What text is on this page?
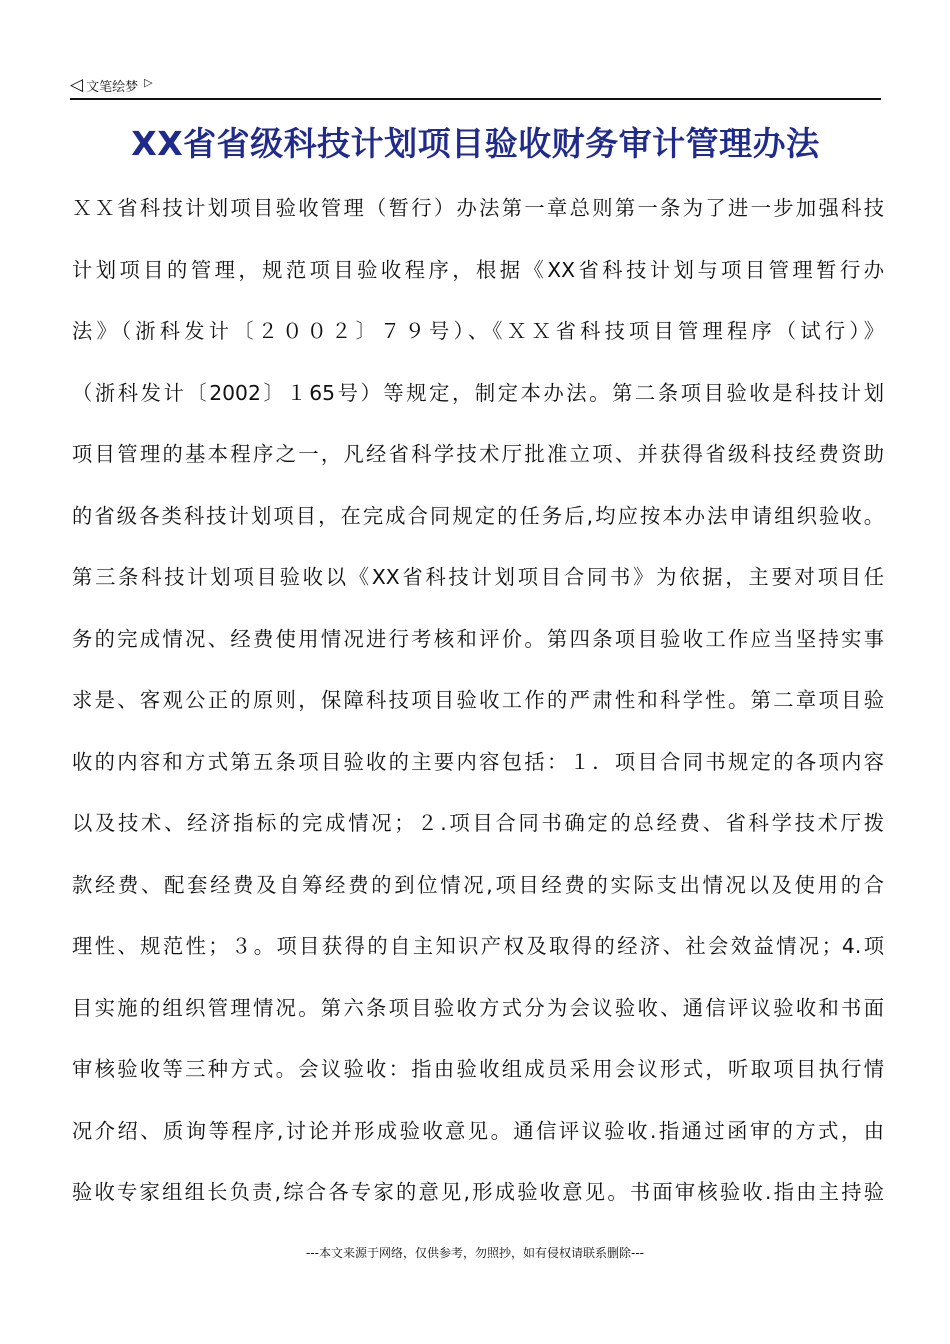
◁ 文笔绘梦 ▷
XX省省级科技计划项目验收财务审计管理办法
ＸＸ省科技计划项目验收管理（暂行）办法第一章总则第一条为了进一步加强科技
计划项目的管理，规范项目验收程序，根据《XX省科技计划与项目管理暂行办
法》（浙科发计〔２００２〕７９号）、《ＸＸ省科技项目管理程序（试行）》
（浙科发计〔2002〕１65号）等规定，制定本办法。第二条项目验收是科技计划
项目管理的基本程序之一，凡经省科学技术厅批准立项、并获得省级科技经费资助
的省级各类科技计划项目，在完成合同规定的任务后,均应按本办法申请组织验收。
第三条科技计划项目验收以《XX省科技计划项目合同书》为依据，主要对项目任
务的完成情况、经费使用情况进行考核和评价。第四条项目验收工作应当坚持实事
求是、客观公正的原则，保障科技项目验收工作的严肃性和科学性。第二章项目验
收的内容和方式第五条项目验收的主要内容包括：１．项目合同书规定的各项内容
以及技术、经济指标的完成情况；２.项目合同书确定的总经费、省科学技术厅拨
款经费、配套经费及自筹经费的到位情况,项目经费的实际支出情况以及使用的合
理性、规范性；３。项目获得的自主知识产权及取得的经济、社会效益情况；4.项
目实施的组织管理情况。第六条项目验收方式分为会议验收、通信评议验收和书面
审核验收等三种方式。会议验收：指由验收组成员采用会议形式，听取项目执行情
况介绍、质询等程序,讨论并形成验收意见。通信评议验收.指通过函审的方式，由
验收专家组组长负责,综合各专家的意见,形成验收意见。书面审核验收.指由主持验
---本文来源于网络，仅供参考，勿照抄，如有侵权请联系删除---
